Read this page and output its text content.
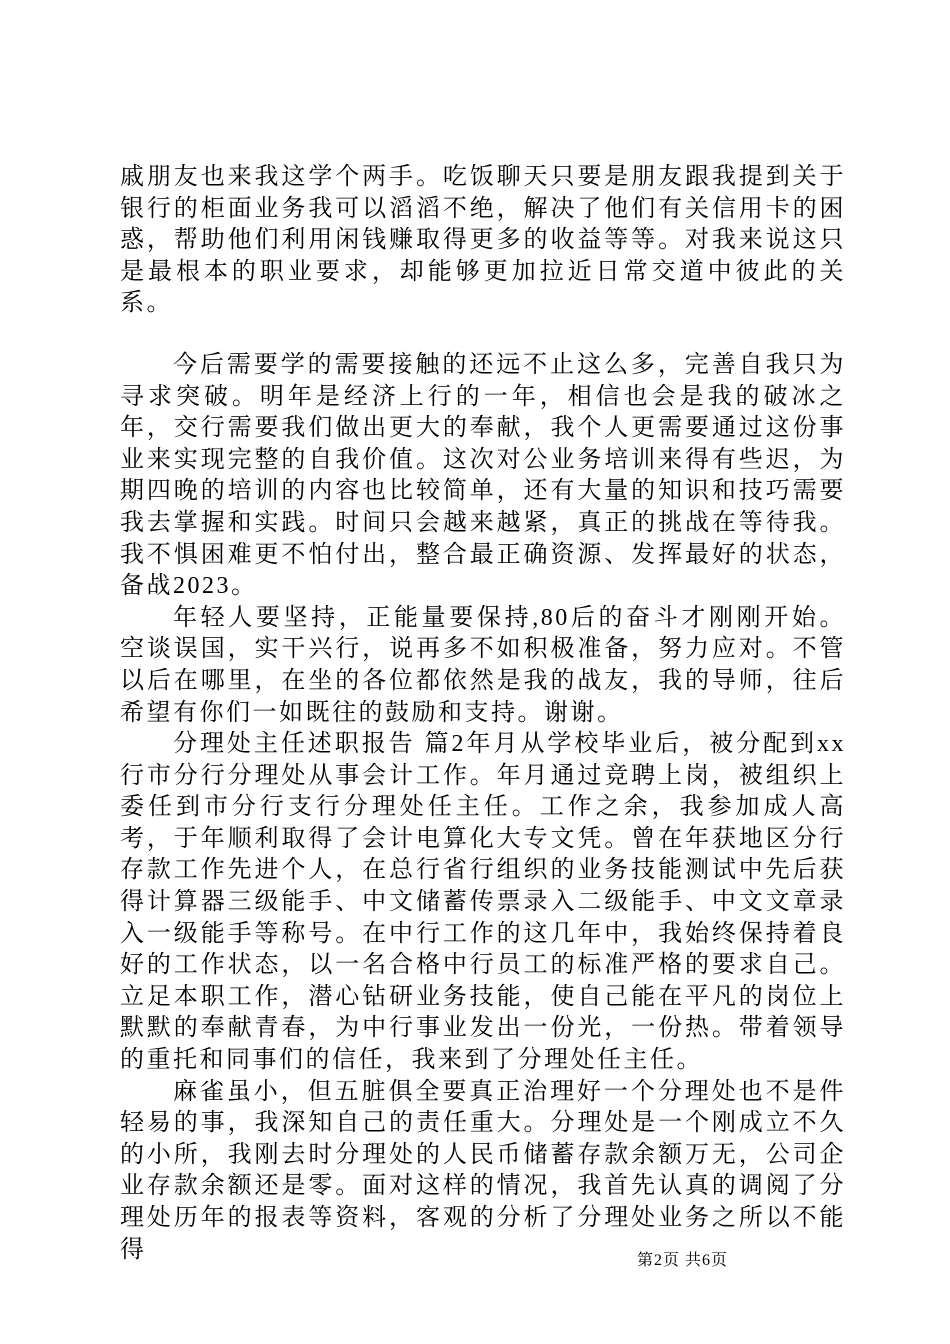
戚朋友也来我这学个两手。吃饭聊天只要是朋友跟我提到关于银行的柜面业务我可以滔滔不绝，解决了他们有关信用卡的困惑，帮助他们利用闲钱赚取得更多的收益等等。对我来说这只是最根本的职业要求，却能够更加拉近日常交道中彼此的关系。

今后需要学的需要接触的还远不止这么多，完善自我只为寻求突破。明年是经济上行的一年，相信也会是我的破冰之年，交行需要我们做出更大的奉献，我个人更需要通过这份事业来实现完整的自我价值。这次对公业务培训来得有些迟，为期四晚的培训的内容也比较简单，还有大量的知识和技巧需要我去掌握和实践。时间只会越来越紧，真正的挑战在等待我。我不惧困难更不怕付出，整合最正确资源、发挥最好的状态，备战2023。

年轻人要坚持，正能量要保持,80后的奋斗才刚刚开始。空谈误国，实干兴行，说再多不如积极准备，努力应对。不管以后在哪里，在坐的各位都依然是我的战友，我的导师，往后希望有你们一如既往的鼓励和支持。谢谢。

分理处主任述职报告 篇2年月从学校毕业后，被分配到xx行市分行分理处从事会计工作。年月通过竞聘上岗，被组织上委任到市分行支行分理处任主任。工作之余，我参加成人高考，于年顺利取得了会计电算化大专文凭。曾在年获地区分行存款工作先进个人，在总行省行组织的业务技能测试中先后获得计算器三级能手、中文储蓄传票录入二级能手、中文文章录入一级能手等称号。在中行工作的这几年中，我始终保持着良好的工作状态，以一名合格中行员工的标准严格的要求自己。立足本职工作，潜心钻研业务技能，使自己能在平凡的岗位上默默的奉献青春，为中行事业发出一份光，一份热。带着领导的重托和同事们的信任，我来到了分理处任主任。

麻雀虽小，但五脏俱全要真正治理好一个分理处也不是件轻易的事，我深知自己的责任重大。分理处是一个刚成立不久的小所，我刚去时分理处的人民币储蓄存款余额万无，公司企业存款余额还是零。面对这样的情况，我首先认真的调阅了分理处历年的报表等资料，客观的分析了分理处业务之所以不能得	第2页 共6页
